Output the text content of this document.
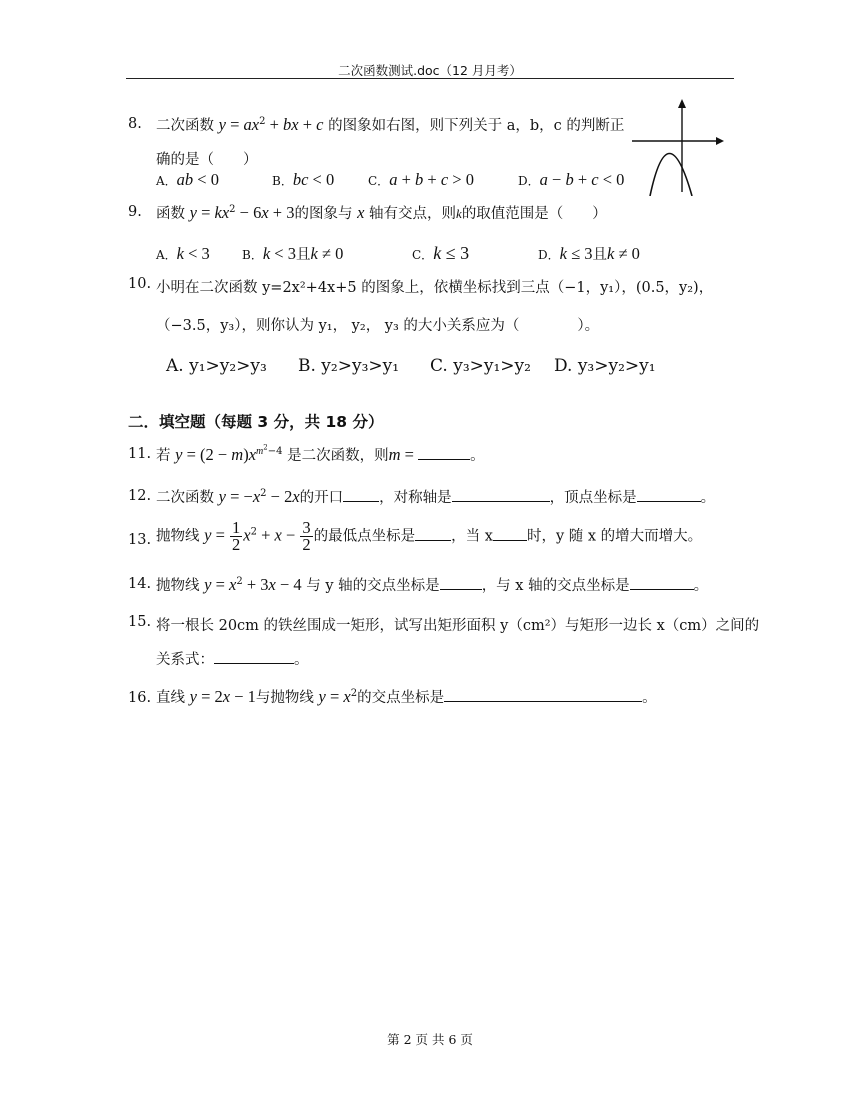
二次函数测试.doc（12 月月考）
8. 二次函数 $y = ax^2$ + bx + c 的图象如右图，则下列关于 a，b，c 的判断正
确的是（　　）
A．ab < 0	B．bc < 0	C．a + b + c > 0	D．a − b + c < 0
9. 函数 $y = kx^2 - 6x + 3$的图象与 x 轴有交点，则k的取值范围是（　　）
A．k < 3	B．k < 3且k ≠ 0	C．k ≤ 3	D．k ≤ 3且k ≠ 0
10. 小明在二次函数 y=2x²+4x+5 的图象上，依横坐标找到三点（−1，y₁），(0.5，y₂)，
（−3.5，y₃），则你认为 y₁， y₂， y₃ 的大小关系应为（　　　　）。
A. y₁>y₂>y₃ B. y₂>y₃>y₁ C. y₃>y₁>y₂ D. y₃>y₂>y₁
二．填空题（每题 3 分，共 18 分）
11. 若 $y = (2 - m)x^{m^2-4}$ 是二次函数，则m =	。
12. 二次函数 $y = -x^2 - 2x$的开口 ，对称轴是	，顶点坐标是	。
13. 抛物线 $y = \frac{1}{2} x^2 + x - \frac{3}{2}$ 的最低点坐标是 ，当 x 时，y 随 x 的增大而增大。
14. 抛物线 $y = x^2 + 3x - 4$ 与 y 轴的交点坐标是	，与 x 轴的交点坐标是	。
15. 将一根长 20cm 的铁丝围成一矩形，试写出矩形面积 y（cm²）与矩形一边长 x（cm）之间的
关系式：	。
16. 直线 y = 2x − 1与抛物线 $y = x^2$的交点坐标是	。
第 2 页 共 6 页
